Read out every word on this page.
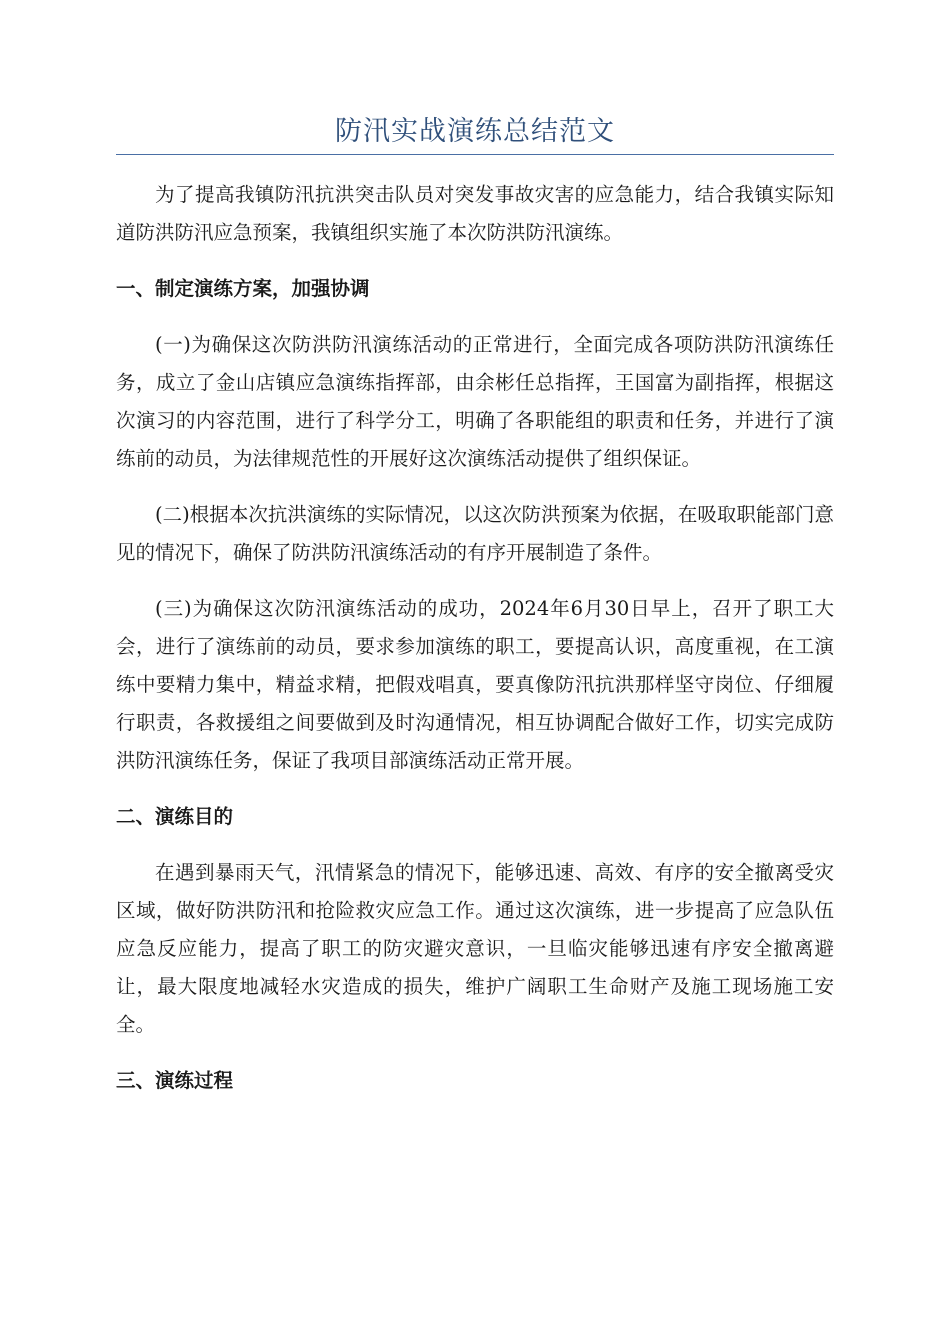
防汛实战演练总结范文

为了提高我镇防汛抗洪突击队员对突发事故灾害的应急能力，结合我镇实际知道防洪防汛应急预案，我镇组织实施了本次防洪防汛演练。

一、制定演练方案，加强协调

(一)为确保这次防洪防汛演练活动的正常进行，全面完成各项防洪防汛演练任务，成立了金山店镇应急演练指挥部，由余彬任总指挥，王国富为副指挥，根据这次演习的内容范围，进行了科学分工，明确了各职能组的职责和任务，并进行了演练前的动员，为法律规范性的开展好这次演练活动提供了组织保证。

(二)根据本次抗洪演练的实际情况，以这次防洪预案为依据，在吸取职能部门意见的情况下，确保了防洪防汛演练活动的有序开展制造了条件。

(三)为确保这次防汛演练活动的成功，2024年6月30日早上，召开了职工大会，进行了演练前的动员，要求参加演练的职工，要提高认识，高度重视，在工演练中要精力集中，精益求精，把假戏唱真，要真像防汛抗洪那样坚守岗位、仔细履行职责，各救援组之间要做到及时沟通情况，相互协调配合做好工作，切实完成防洪防汛演练任务，保证了我项目部演练活动正常开展。

二、演练目的

在遇到暴雨天气，汛情紧急的情况下，能够迅速、高效、有序的安全撤离受灾区域，做好防洪防汛和抢险救灾应急工作。通过这次演练，进一步提高了应急队伍应急反应能力，提高了职工的防灾避灾意识，一旦临灾能够迅速有序安全撤离避让，最大限度地减轻水灾造成的损失，维护广阔职工生命财产及施工现场施工安全。

三、演练过程
